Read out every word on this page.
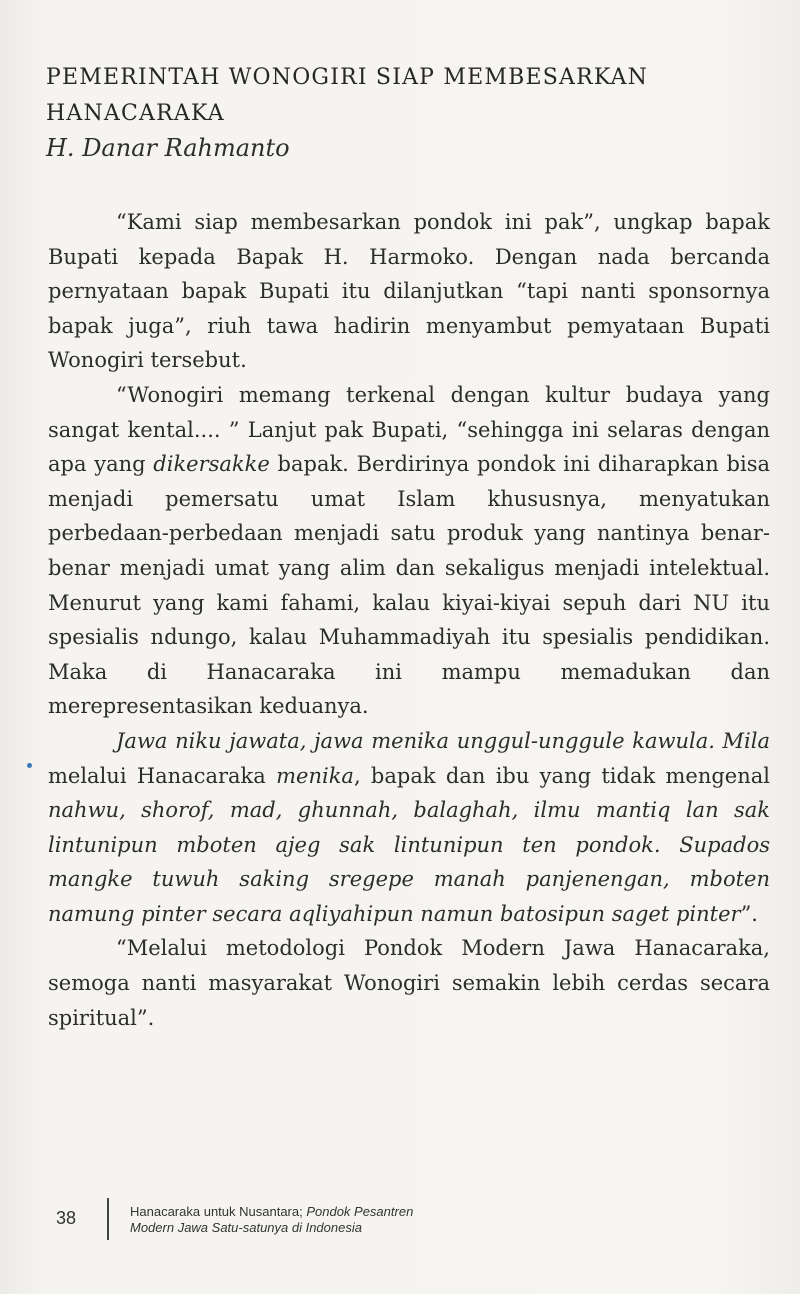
PEMERINTAH WONOGIRI SIAP MEMBESARKAN
HANACARAKA

H. Danar Rahmanto

“Kami siap membesarkan pondok ini pak”, ungkap bapak Bupati kepada Bapak H. Harmoko. Dengan nada bercanda pernyataan bapak Bupati itu dilanjutkan “tapi nanti sponsornya bapak juga”, riuh tawa hadirin menyambut pemyataan Bupati Wonogiri tersebut.

“Wonogiri memang terkenal dengan kultur budaya yang sangat kental.... ” Lanjut pak Bupati, “sehingga ini selaras dengan apa yang dikersakke bapak. Berdirinya pondok ini diharapkan bisa menjadi pemersatu umat Islam khususnya, menyatukan perbedaan-perbedaan menjadi satu produk yang nantinya benar-benar menjadi umat yang alim dan sekaligus menjadi intelektual. Menurut yang kami fahami, kalau kiyai-kiyai sepuh dari NU itu spesialis ndungo, kalau Muhammadiyah itu spesialis pendidikan. Maka di Hanacaraka ini mampu memadukan dan merepresentasikan keduanya.

Jawa niku jawata, jawa menika unggul-unggule kawula. Mila melalui Hanacaraka menika, bapak dan ibu yang tidak mengenal nahwu, shorof, mad, ghunnah, balaghah, ilmu mantiq lan sak lintunipun mboten ajeg sak lintunipun ten pondok. Supados mangke tuwuh saking sregepe manah panjenengan, mboten namung pinter secara aqliyahipun namun batosipun saget pinter”.

“Melalui metodologi Pondok Modern Jawa Hanacaraka, semoga nanti masyarakat Wonogiri semakin lebih cerdas secara spiritual”.

38	Hanacaraka untuk Nusantara; Pondok Pesantren
Modern Jawa Satu-satunya di Indonesia
